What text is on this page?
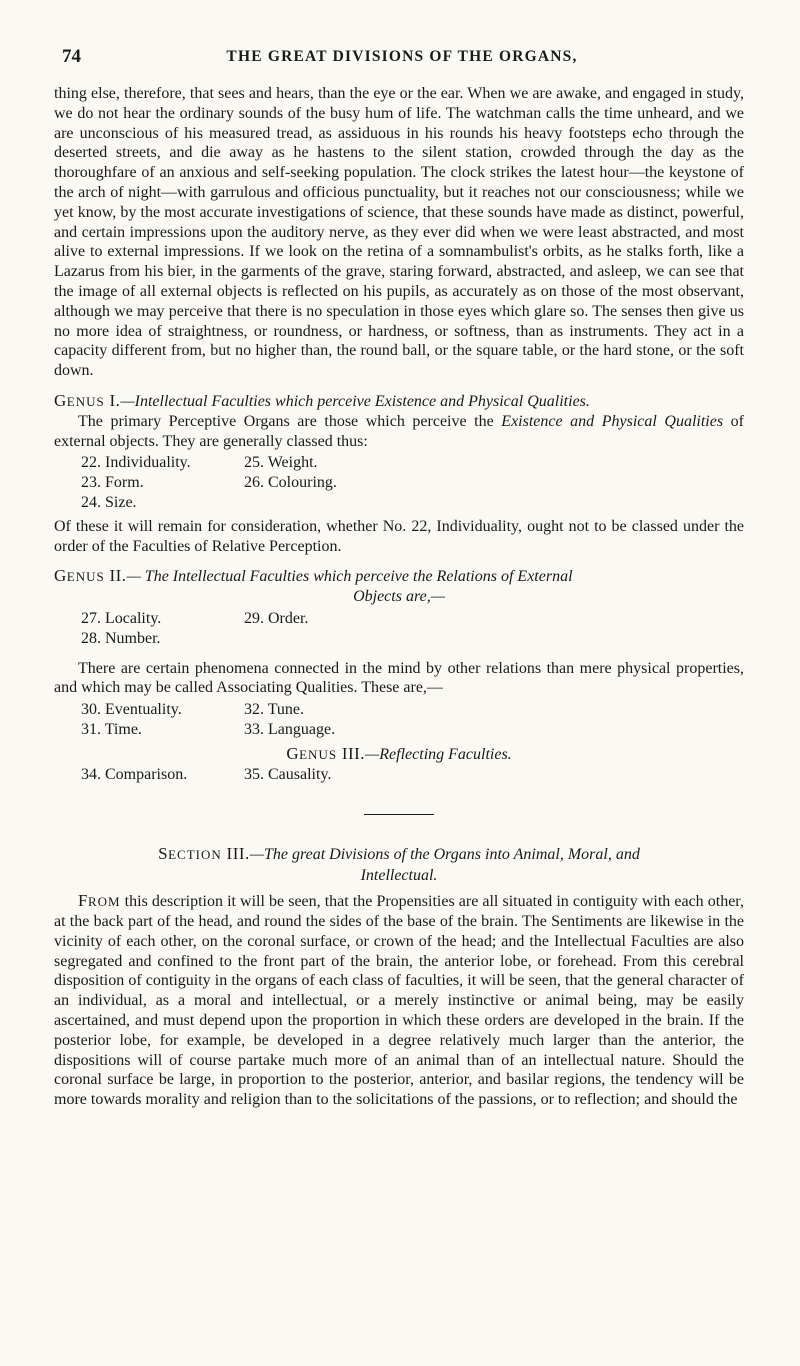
74	THE GREAT DIVISIONS OF THE ORGANS,

thing else, therefore, that sees and hears, than the eye or the ear. When we are awake, and engaged in study, we do not hear the ordinary sounds of the busy hum of life. The watchman calls the time unheard, and we are unconscious of his measured tread, as assiduous in his rounds his heavy footsteps echo through the deserted streets, and die away as he hastens to the silent station, crowded through the day as the thoroughfare of an anxious and self-seeking population. The clock strikes the latest hour—the keystone of the arch of night—with garrulous and officious punctuality, but it reaches not our consciousness; while we yet know, by the most accurate investigations of science, that these sounds have made as distinct, powerful, and certain impressions upon the auditory nerve, as they ever did when we were least abstracted, and most alive to external impressions. If we look on the retina of a somnambulist's orbits, as he stalks forth, like a Lazarus from his bier, in the garments of the grave, staring forward, abstracted, and asleep, we can see that the image of all external objects is reflected on his pupils, as accurately as on those of the most observant, although we may perceive that there is no speculation in those eyes which glare so. The senses then give us no more idea of straightness, or roundness, or hardness, or softness, than as instruments. They act in a capacity different from, but no higher than, the round ball, or the square table, or the hard stone, or the soft down.

GENUS I.—Intellectual Faculties which perceive Existence and Physical Qualities.

The primary Perceptive Organs are those which perceive the Existence and Physical Qualities of external objects. They are generally classed thus:

22. Individuality.	25. Weight.
23. Form.	26. Colouring.
24. Size.

Of these it will remain for consideration, whether No. 22, Individuality, ought not to be classed under the order of the Faculties of Relative Perception.

GENUS II.— The Intellectual Faculties which perceive the Relations of External
Objects are,—
27. Locality.	29. Order.
28. Number.

There are certain phenomena connected in the mind by other relations than mere physical properties, and which may be called Associating Qualities. These are,—

30. Eventuality.	32. Tune.
31. Time.	33. Language.
GENUS III.—Reflecting Faculties.
34. Comparison.	35. Causality.
SECTION III.—The great Divisions of the Organs into Animal, Moral, and
Intellectual.

FROM this description it will be seen, that the Propensities are all situated in contiguity with each other, at the back part of the head, and round the sides of the base of the brain. The Sentiments are likewise in the vicinity of each other, on the coronal surface, or crown of the head; and the Intellectual Faculties are also segregated and confined to the front part of the brain, the anterior lobe, or forehead. From this cerebral disposition of contiguity in the organs of each class of faculties, it will be seen, that the general character of an individual, as a moral and intellectual, or a merely instinctive or animal being, may be easily ascertained, and must depend upon the proportion in which these orders are developed in the brain. If the posterior lobe, for example, be developed in a degree relatively much larger than the anterior, the dispositions will of course partake much more of an animal than of an intellectual nature. Should the coronal surface be large, in proportion to the posterior, anterior, and basilar regions, the tendency will be more towards morality and religion than to the solicitations of the passions, or to reflection; and should the
